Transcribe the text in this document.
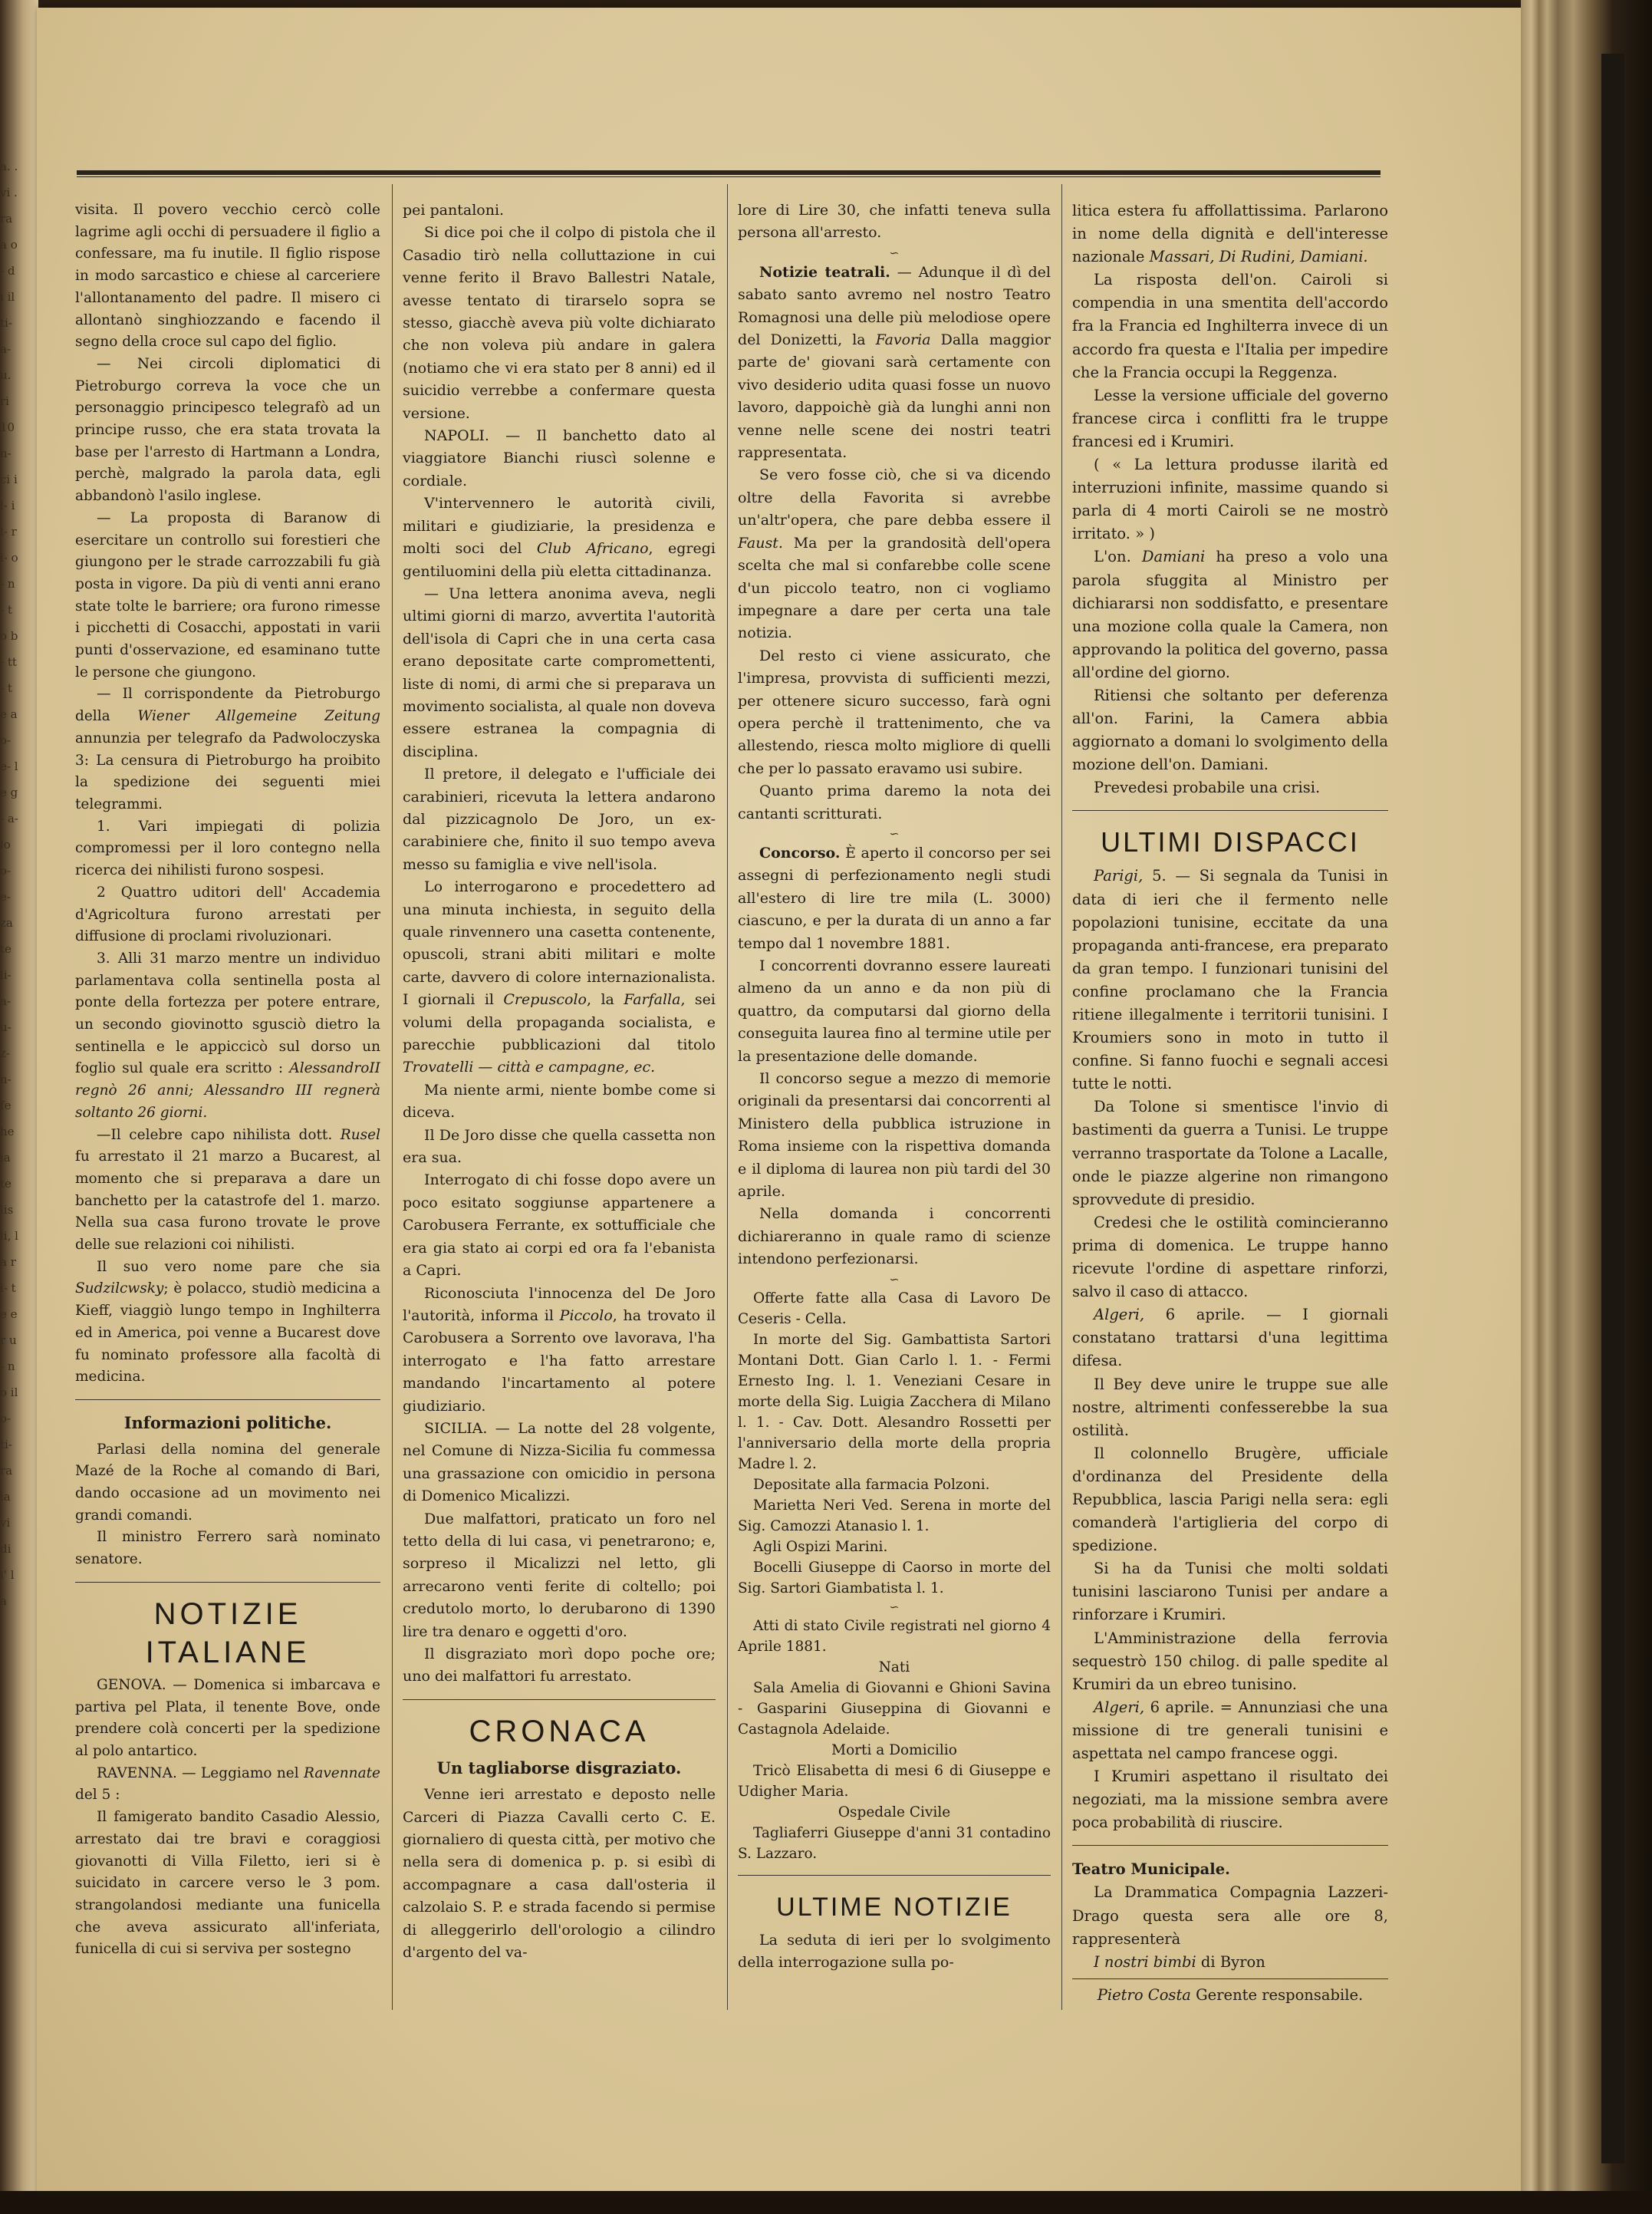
a. . vi . ra a o- di il ti- a- u. ri 10 n- ci il- il- ri- o- n- to b- tt- te a o- e- le g- a- lo o- e- za te li- a- u- z- n- fe he ia te lis li, la ri- te er u- no il o- ti- ra ia vi di l' la

visita. Il povero vecchio cercò colle lagrime agli occhi di persuadere il figlio a confessare, ma fu inutile. Il figlio rispose in modo sarcastico e chiese al carceriere l'allontanamento del padre. Il misero ci allontanò singhiozzando e facendo il segno della croce sul capo del figlio.

— Nei circoli diplomatici di Pietroburgo correva la voce che un personaggio principesco telegrafò ad un principe russo, che era stata trovata la base per l'arresto di Hartmann a Londra, perchè, malgrado la parola data, egli abbandonò l'asilo inglese.

— La proposta di Baranow di esercitare un controllo sui forestieri che giungono per le strade carrozzabili fu già posta in vigore. Da più di venti anni erano state tolte le barriere; ora furono rimesse i picchetti di Cosacchi, appostati in varii punti d'osservazione, ed esaminano tutte le persone che giungono.

— Il corrispondente da Pietroburgo della Wiener Allgemeine Zeitung annunzia per telegrafo da Padwoloczyska 3: La censura di Pietroburgo ha proibito la spedizione dei seguenti miei telegrammi.

1. Vari impiegati di polizia compromessi per il loro contegno nella ricerca dei nihilisti furono sospesi.

2 Quattro uditori dell' Accademia d'Agricoltura furono arrestati per diffusione di proclami rivoluzionari.

3. Alli 31 marzo mentre un individuo parlamentava colla sentinella posta al ponte della fortezza per potere entrare, un secondo giovinotto sgusciò dietro la sentinella e le appiccicò sul dorso un foglio sul quale era scritto : AlessandroII regnò 26 anni; Alessandro III regnerà soltanto 26 giorni.

—Il celebre capo nihilista dott. Rusel fu arrestato il 21 marzo a Bucarest, al momento che si preparava a dare un banchetto per la catastrofe del 1. marzo. Nella sua casa furono trovate le prove delle sue relazioni coi nihilisti.

Il suo vero nome pare che sia Sudzilcwsky; è polacco, studiò medicina a Kieff, viaggiò lungo tempo in Inghilterra ed in America, poi venne a Bucarest dove fu nominato professore alla facoltà di medicina.

Informazioni politiche.

Parlasi della nomina del generale Mazé de la Roche al comando di Bari, dando occasione ad un movimento nei grandi comandi.

Il ministro Ferrero sarà nominato senatore.

NOTIZIE ITALIANE

GENOVA. — Domenica si imbarcava e partiva pel Plata, il tenente Bove, onde prendere colà concerti per la spedizione al polo antartico.

RAVENNA. — Leggiamo nel Ravennate del 5 :

Il famigerato bandito Casadio Alessio, arrestato dai tre bravi e coraggiosi giovanotti di Villa Filetto, ieri si è suicidato in carcere verso le 3 pom. strangolandosi mediante una funicella che aveva assicurato all'inferiata, funicella di cui si serviva per sostegno

pei pantaloni.

Si dice poi che il colpo di pistola che il Casadio tirò nella colluttazione in cui venne ferito il Bravo Ballestri Natale, avesse tentato di tirarselo sopra se stesso, giacchè aveva più volte dichiarato che non voleva più andare in galera (notiamo che vi era stato per 8 anni) ed il suicidio verrebbe a confermare questa versione.

NAPOLI. — Il banchetto dato al viaggiatore Bianchi riuscì solenne e cordiale.

V'intervennero le autorità civili, militari e giudiziarie, la presidenza e molti soci del Club Africano, egregi gentiluomini della più eletta cittadinanza.

— Una lettera anonima aveva, negli ultimi giorni di marzo, avvertita l'autorità dell'isola di Capri che in una certa casa erano depositate carte compromettenti, liste di nomi, di armi che si preparava un movimento socialista, al quale non doveva essere estranea la compagnia di disciplina.

Il pretore, il delegato e l'ufficiale dei carabinieri, ricevuta la lettera andarono dal pizzicagnolo De Joro, un ex-carabiniere che, finito il suo tempo aveva messo su famiglia e vive nell'isola.

Lo interrogarono e procedettero ad una minuta inchiesta, in seguito della quale rinvennero una casetta contenente, opuscoli, strani abiti militari e molte carte, davvero di colore internazionalista. I giornali il Crepuscolo, la Farfalla, sei volumi della propaganda socialista, e parecchie pubblicazioni dal titolo Trovatelli — città e campagne, ec.

Ma niente armi, niente bombe come si diceva.

Il De Joro disse che quella cassetta non era sua.

Interrogato di chi fosse dopo avere un poco esitato soggiunse appartenere a Carobusera Ferrante, ex sottufficiale che era gia stato ai corpi ed ora fa l'ebanista a Capri.

Riconosciuta l'innocenza del De Joro l'autorità, informa il Piccolo, ha trovato il Carobusera a Sorrento ove lavorava, l'ha interrogato e l'ha fatto arrestare mandando l'incartamento al potere giudiziario.

SICILIA. — La notte del 28 volgente, nel Comune di Nizza-Sicilia fu commessa una grassazione con omicidio in persona di Domenico Micalizzi.

Due malfattori, praticato un foro nel tetto della di lui casa, vi penetrarono; e, sorpreso il Micalizzi nel letto, gli arrecarono venti ferite di coltello; poi credutolo morto, lo derubarono di 1390 lire tra denaro e oggetti d'oro.

Il disgraziato morì dopo poche ore; uno dei malfattori fu arrestato.

CRONACA
Un tagliaborse disgraziato.

Venne ieri arrestato e deposto nelle Carceri di Piazza Cavalli certo C. E. giornaliero di questa città, per motivo che nella sera di domenica p. p. si esibì di accompagnare a casa dall'osteria il calzolaio S. P. e strada facendo si permise di alleggerirlo dell'orologio a cilindro d'argento del va-

lore di Lire 30, che infatti teneva sulla persona all'arresto.

∽

Notizie teatrali. — Adunque il dì del sabato santo avremo nel nostro Teatro Romagnosi una delle più melodiose opere del Donizetti, la Favoria Dalla maggior parte de' giovani sarà certamente con vivo desiderio udita quasi fosse un nuovo lavoro, dappoichè già da lunghi anni non venne nelle scene dei nostri teatri rappresentata.

Se vero fosse ciò, che si va dicendo oltre della Favorita si avrebbe un'altr'opera, che pare debba essere il Faust. Ma per la grandosità dell'opera scelta che mal si confarebbe colle scene d'un piccolo teatro, non ci vogliamo impegnare a dare per certa una tale notizia.

Del resto ci viene assicurato, che l'impresa, provvista di sufficienti mezzi, per ottenere sicuro successo, farà ogni opera perchè il trattenimento, che va allestendo, riesca molto migliore di quelli che per lo passato eravamo usi subire.

Quanto prima daremo la nota dei cantanti scritturati.

∽

Concorso. È aperto il concorso per sei assegni di perfezionamento negli studi all'estero di lire tre mila (L. 3000) ciascuno, e per la durata di un anno a far tempo dal 1 novembre 1881.

I concorrenti dovranno essere laureati almeno da un anno e da non più di quattro, da computarsi dal giorno della conseguita laurea fino al termine utile per la presentazione delle domande.

Il concorso segue a mezzo di memorie originali da presentarsi dai concorrenti al Ministero della pubblica istruzione in Roma insieme con la rispettiva domanda e il diploma di laurea non più tardi del 30 aprile.

Nella domanda i concorrenti dichiareranno in quale ramo di scienze intendono perfezionarsi.

∽

Offerte fatte alla Casa di Lavoro De Ceseris - Cella.

In morte del Sig. Gambattista Sartori Montani Dott. Gian Carlo l. 1. - Fermi Ernesto Ing. l. 1. Veneziani Cesare in morte della Sig. Luigia Zacchera di Milano l. 1. - Cav. Dott. Alesandro Rossetti per l'anniversario della morte della propria Madre l. 2.

Depositate alla farmacia Polzoni.

Marietta Neri Ved. Serena in morte del Sig. Camozzi Atanasio l. 1.

Agli Ospizi Marini.

Bocelli Giuseppe di Caorso in morte del Sig. Sartori Giambatista l. 1.

∽

Atti di stato Civile registrati nel giorno 4 Aprile 1881.

Nati

Sala Amelia di Giovanni e Ghioni Savina - Gasparini Giuseppina di Giovanni e Castagnola Adelaide.

Morti a Domicilio

Tricò Elisabetta di mesi 6 di Giuseppe e Udigher Maria.

Ospedale Civile

Tagliaferri Giuseppe d'anni 31 contadino S. Lazzaro.

ULTIME NOTIZIE

La seduta di ieri per lo svolgimento della interrogazione sulla po-

litica estera fu affollattissima. Parlarono in nome della dignità e dell'interesse nazionale Massari, Di Rudini, Damiani.

La risposta dell'on. Cairoli si compendia in una smentita dell'accordo fra la Francia ed Inghilterra invece di un accordo fra questa e l'Italia per impedire che la Francia occupi la Reggenza.

Lesse la versione ufficiale del governo francese circa i conflitti fra le truppe francesi ed i Krumiri.

( « La lettura produsse ilarità ed interruzioni infinite, massime quando si parla di 4 morti Cairoli se ne mostrò irritato. » )

L'on. Damiani ha preso a volo una parola sfuggita al Ministro per dichiararsi non soddisfatto, e presentare una mozione colla quale la Camera, non approvando la politica del governo, passa all'ordine del giorno.

Ritiensi che soltanto per deferenza all'on. Farini, la Camera abbia aggiornato a domani lo svolgimento della mozione dell'on. Damiani.

Prevedesi probabile una crisi.

ULTIMI DISPACCI

Parigi, 5. — Si segnala da Tunisi in data di ieri che il fermento nelle popolazioni tunisine, eccitate da una propaganda anti-francese, era preparato da gran tempo. I funzionari tunisini del confine proclamano che la Francia ritiene illegalmente i territorii tunisini. I Kroumiers sono in moto in tutto il confine. Si fanno fuochi e segnali accesi tutte le notti.

Da Tolone si smentisce l'invio di bastimenti da guerra a Tunisi. Le truppe verranno trasportate da Tolone a Lacalle, onde le piazze algerine non rimangono sprovvedute di presidio.

Credesi che le ostilità comincieranno prima di domenica. Le truppe hanno ricevute l'ordine di aspettare rinforzi, salvo il caso di attacco.

Algeri, 6 aprile. — I giornali constatano trattarsi d'una legittima difesa.

Il Bey deve unire le truppe sue alle nostre, altrimenti confesserebbe la sua ostilità.

Il colonnello Brugère, ufficiale d'ordinanza del Presidente della Repubblica, lascia Parigi nella sera: egli comanderà l'artiglieria del corpo di spedizione.

Si ha da Tunisi che molti soldati tunisini lasciarono Tunisi per andare a rinforzare i Krumiri.

L'Amministrazione della ferrovia sequestrò 150 chilog. di palle spedite al Krumiri da un ebreo tunisino.

Algeri, 6 aprile. = Annunziasi che una missione di tre generali tunisini e aspettata nel campo francese oggi.

I Krumiri aspettano il risultato dei negoziati, ma la missione sembra avere poca probabilità di riuscire.

Teatro Municipale.

La Drammatica Compagnia Lazzeri-Drago questa sera alle ore 8, rappresenterà

I nostri bimbi di Byron

Pietro Costa Gerente responsabile.
